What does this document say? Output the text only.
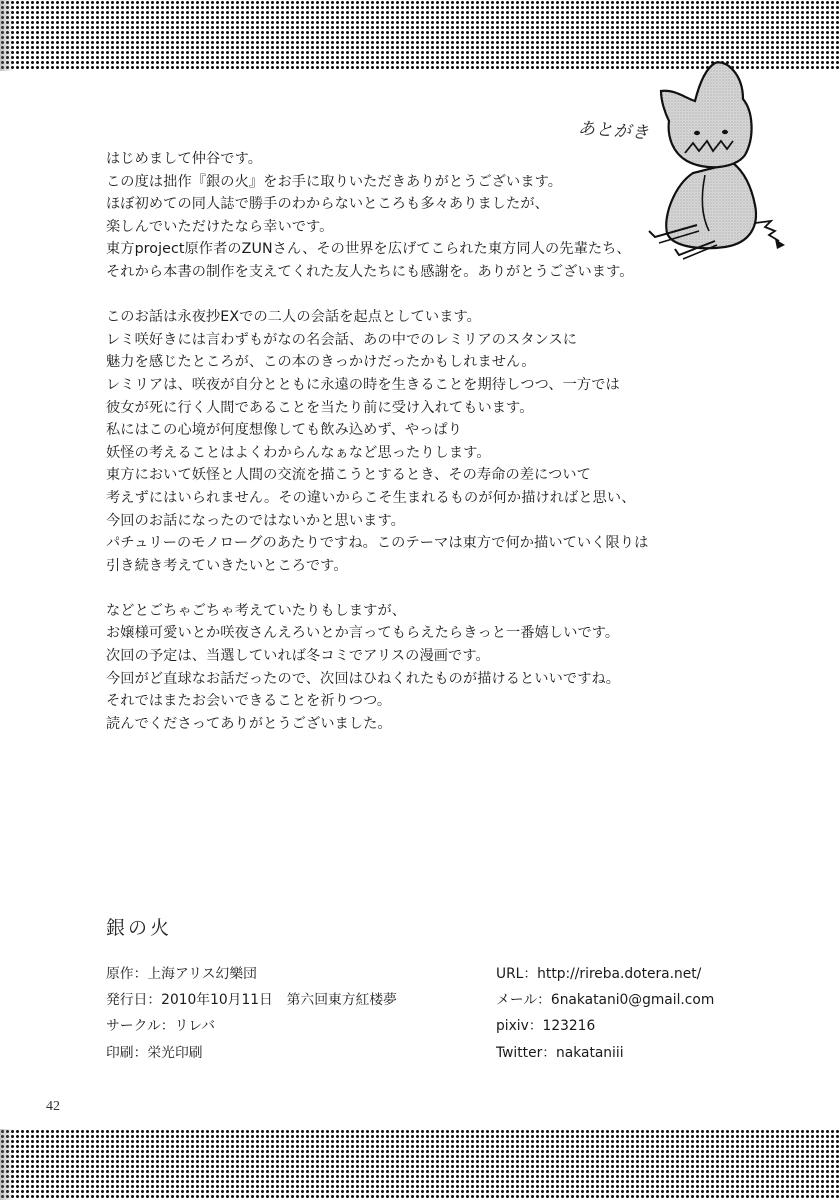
あとがき
はじめまして仲谷です。
この度は拙作『銀の火』をお手に取りいただきありがとうございます。
ほぼ初めての同人誌で勝手のわからないところも多々ありましたが、
楽しんでいただけたなら幸いです。
東方project原作者のZUNさん、その世界を広げてこられた東方同人の先輩たち、
それから本書の制作を支えてくれた友人たちにも感謝を。ありがとうございます。
このお話は永夜抄EXでの二人の会話を起点としています。
レミ咲好きには言わずもがなの名会話、あの中でのレミリアのスタンスに
魅力を感じたところが、この本のきっかけだったかもしれません。
レミリアは、咲夜が自分とともに永遠の時を生きることを期待しつつ、一方では
彼女が死に行く人間であることを当たり前に受け入れてもいます。
私にはこの心境が何度想像しても飲み込めず、やっぱり
妖怪の考えることはよくわからんなぁなど思ったりします。
東方において妖怪と人間の交流を描こうとするとき、その寿命の差について
考えずにはいられません。その違いからこそ生まれるものが何か描ければと思い、
今回のお話になったのではないかと思います。
パチュリーのモノローグのあたりですね。このテーマは東方で何か描いていく限りは
引き続き考えていきたいところです。
などとごちゃごちゃ考えていたりもしますが、
お嬢様可愛いとか咲夜さんえろいとか言ってもらえたらきっと一番嬉しいです。
次回の予定は、当選していれば冬コミでアリスの漫画です。
今回がど直球なお話だったので、次回はひねくれたものが描けるといいですね。
それではまたお会いできることを祈りつつ。
読んでくださってありがとうございました。
銀の火
原作：上海アリス幻樂団
発行日：2010年10月11日　第六回東方紅楼夢
サークル：リレバ
印刷：栄光印刷
URL：http://rireba.dotera.net/
メール：6nakatani0@gmail.com
pixiv：123216
Twitter：nakataniii
42
